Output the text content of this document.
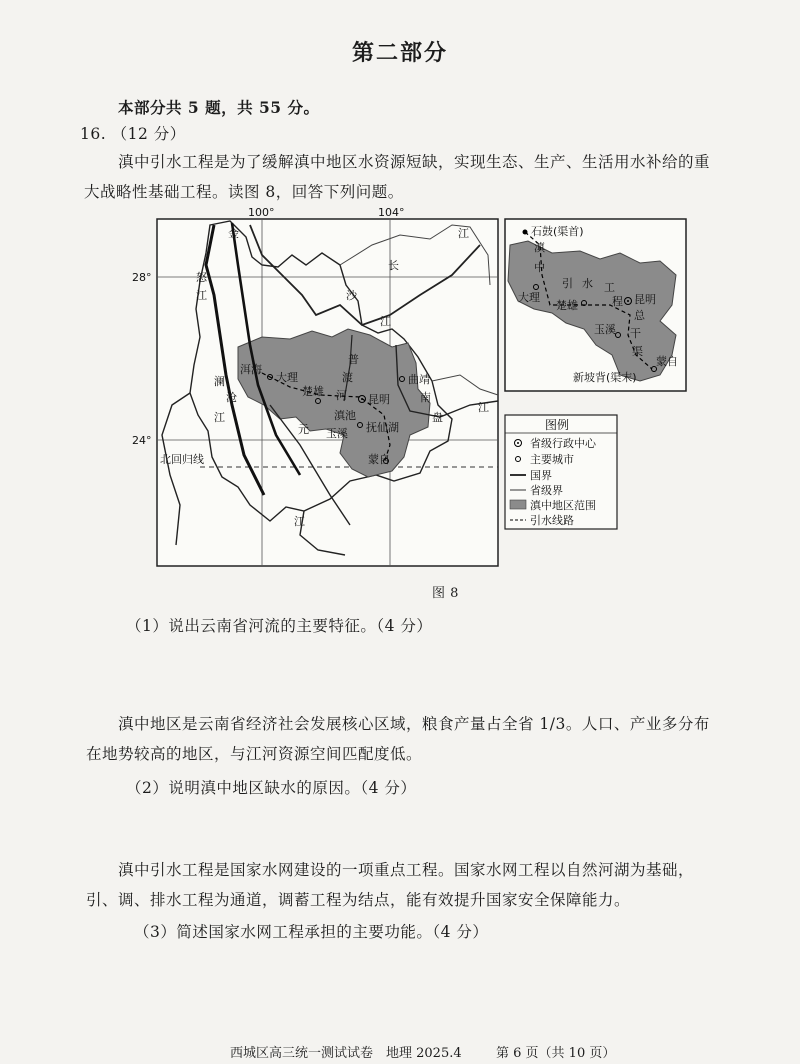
第二部分
本部分共 5 题，共 55 分。
16. （12 分）
滇中引水工程是为了缓解滇中地区水资源短缺，实现生态、生产、生活用水补给的重
大战略性基础工程。读图 8，回答下列问题。
100°	104°
28°
24°
北回归线
金
沙
江
长
江
普
渡
河	南
盘
江
怒
江
澜
沧
江
元
江
洱海
大理
楚雄
昆明
曲靖
滇池
玉溪 抚仙湖
蒙自
石鼓(渠首)
大理
楚雄	昆明
玉溪
蒙自
新坡背(渠末)
滇
中
引 水 工
程
总
干
渠
图例
省级行政中心
主要城市
国界
省级界
滇中地区范围
引水线路
图 8
（1）说出云南省河流的主要特征。（4 分）
滇中地区是云南省经济社会发展核心区域，粮食产量占全省 1/3。人口、产业多分布
在地势较高的地区，与江河资源空间匹配度低。
（2）说明滇中地区缺水的原因。（4 分）
滇中引水工程是国家水网建设的一项重点工程。国家水网工程以自然河湖为基础，
引、调、排水工程为通道，调蓄工程为结点，能有效提升国家安全保障能力。
（3）简述国家水网工程承担的主要功能。（4 分）
西城区高三统一测试试卷　地理 2025.4	第 6 页（共 10 页）
